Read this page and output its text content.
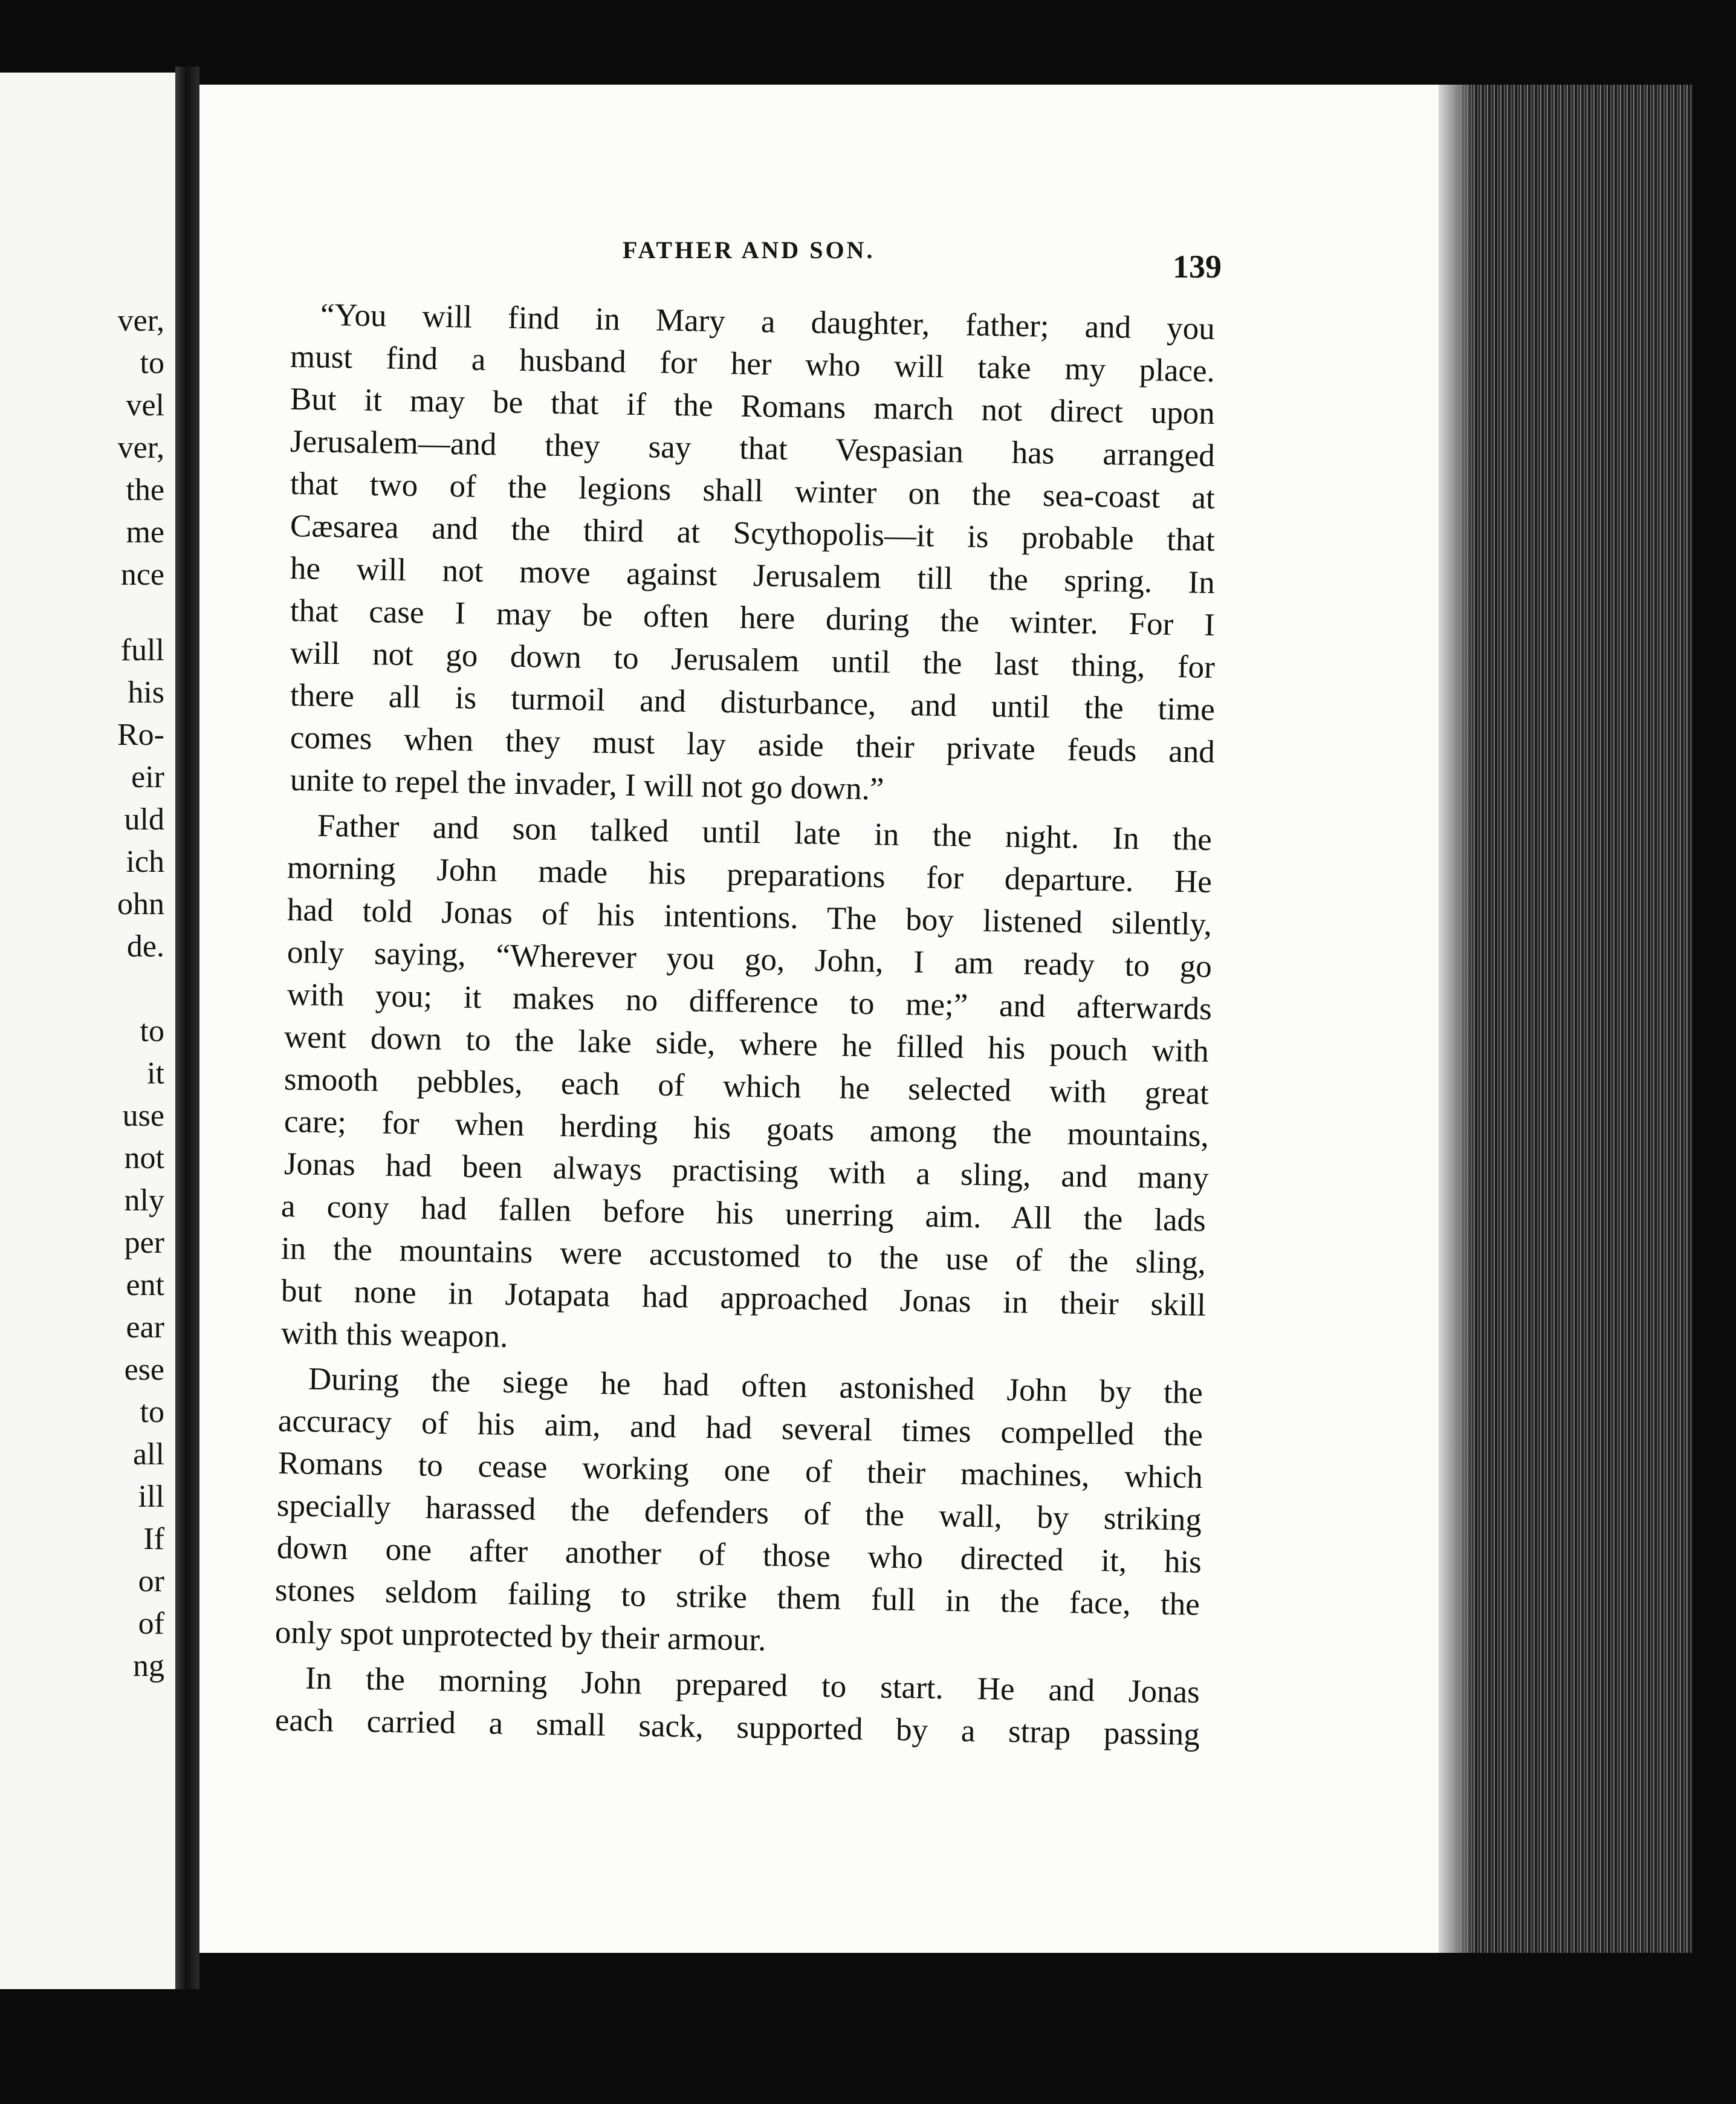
ver,
to
vel
ver,
the
me
nce
full
his
Ro-
eir
uld
ich
ohn
de.
to
it
use
not
nly
per
ent
ear
ese
to
all
ill
If
or
of
ng
FATHER AND SON.	139
“You will find in Mary a daughter, father; and you
must find a husband for her who will take my place.
But it may be that if the Romans march not direct upon
Jerusalem—and they say that Vespasian has arranged
that two of the legions shall winter on the sea-coast at
Cæsarea and the third at Scythopolis—it is probable that
he will not move against Jerusalem till the spring. In
that case I may be often here during the winter. For I
will not go down to Jerusalem until the last thing, for
there all is turmoil and disturbance, and until the time
comes when they must lay aside their private feuds and
unite to repel the invader, I will not go down.”
Father and son talked until late in the night. In the
morning John made his preparations for departure. He
had told Jonas of his intentions. The boy listened silently,
only saying, “Wherever you go, John, I am ready to go
with you; it makes no difference to me;” and afterwards
went down to the lake side, where he filled his pouch with
smooth pebbles, each of which he selected with great
care; for when herding his goats among the mountains,
Jonas had been always practising with a sling, and many
a cony had fallen before his unerring aim. All the lads
in the mountains were accustomed to the use of the sling,
but none in Jotapata had approached Jonas in their skill
with this weapon.
During the siege he had often astonished John by the
accuracy of his aim, and had several times compelled the
Romans to cease working one of their machines, which
specially harassed the defenders of the wall, by striking
down one after another of those who directed it, his
stones seldom failing to strike them full in the face, the
only spot unprotected by their armour.
In the morning John prepared to start. He and Jonas
each carried a small sack, supported by a strap passing
